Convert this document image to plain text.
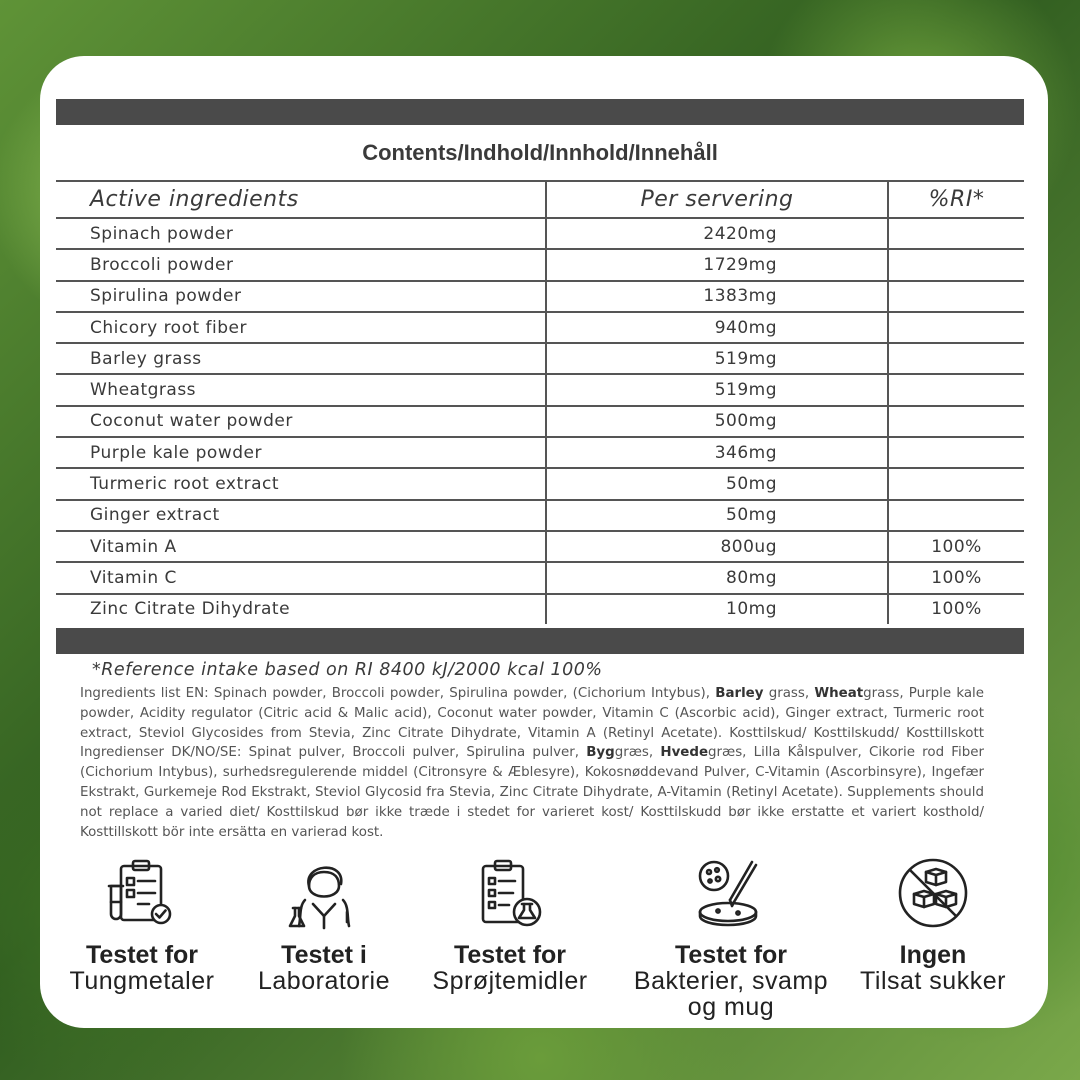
Contents/Indhold/Innhold/Innehåll
Active ingredients	Per servering	%RI*
Spinach powder	2420mg	
Broccoli powder	1729mg	
Spirulina powder	1383mg	
Chicory root fiber	940mg	
Barley grass	519mg	
Wheatgrass	519mg	
Coconut water powder	500mg	
Purple kale powder	346mg	
Turmeric root extract	50mg	
Ginger extract	50mg	
Vitamin A	800ug	100%
Vitamin C	80mg	100%
Zinc Citrate Dihydrate	10mg	100%
*Reference intake based on RI 8400 kJ/2000 kcal 100%
Ingredients list EN: Spinach powder, Broccoli powder, Spirulina powder, (Cichorium Intybus), Barley grass, Wheatgrass, Purple kale powder, Acidity regulator (Citric acid & Malic acid), Coconut water powder, Vitamin C (Ascorbic acid), Ginger extract, Turmeric root extract, Steviol Glycosides from Stevia, Zinc Citrate Dihydrate, Vitamin A (Retinyl Acetate). Kosttilskud/ Kosttilskudd/ Kosttillskott Ingredienser DK/NO/SE: Spinat pulver, Broccoli pulver, Spirulina pulver, Byggræs, Hvedegræs, Lilla Kålspulver, Cikorie rod Fiber (Cichorium Intybus), surhedsregulerende middel (Citronsyre & Æblesyre), Kokosnøddevand Pulver, C-Vitamin (Ascorbinsyre), Ingefær Ekstrakt, Gurkemeje Rod Ekstrakt, Steviol Glycosid fra Stevia, Zinc Citrate Dihydrate, A-Vitamin (Retinyl Acetate). Supplements should not replace a varied diet/ Kosttilskud bør ikke træde i stedet for varieret kost/ Kosttilskudd bør ikke erstatte et variert kosthold/ Kosttillskott bör inte ersätta en varierad kost.
Testet for
Tungmetaler
Testet i
Laboratorie
Testet for
Sprøjtemidler
Testet for
Bakterier, svamp
og mug
Ingen
Tilsat sukker
